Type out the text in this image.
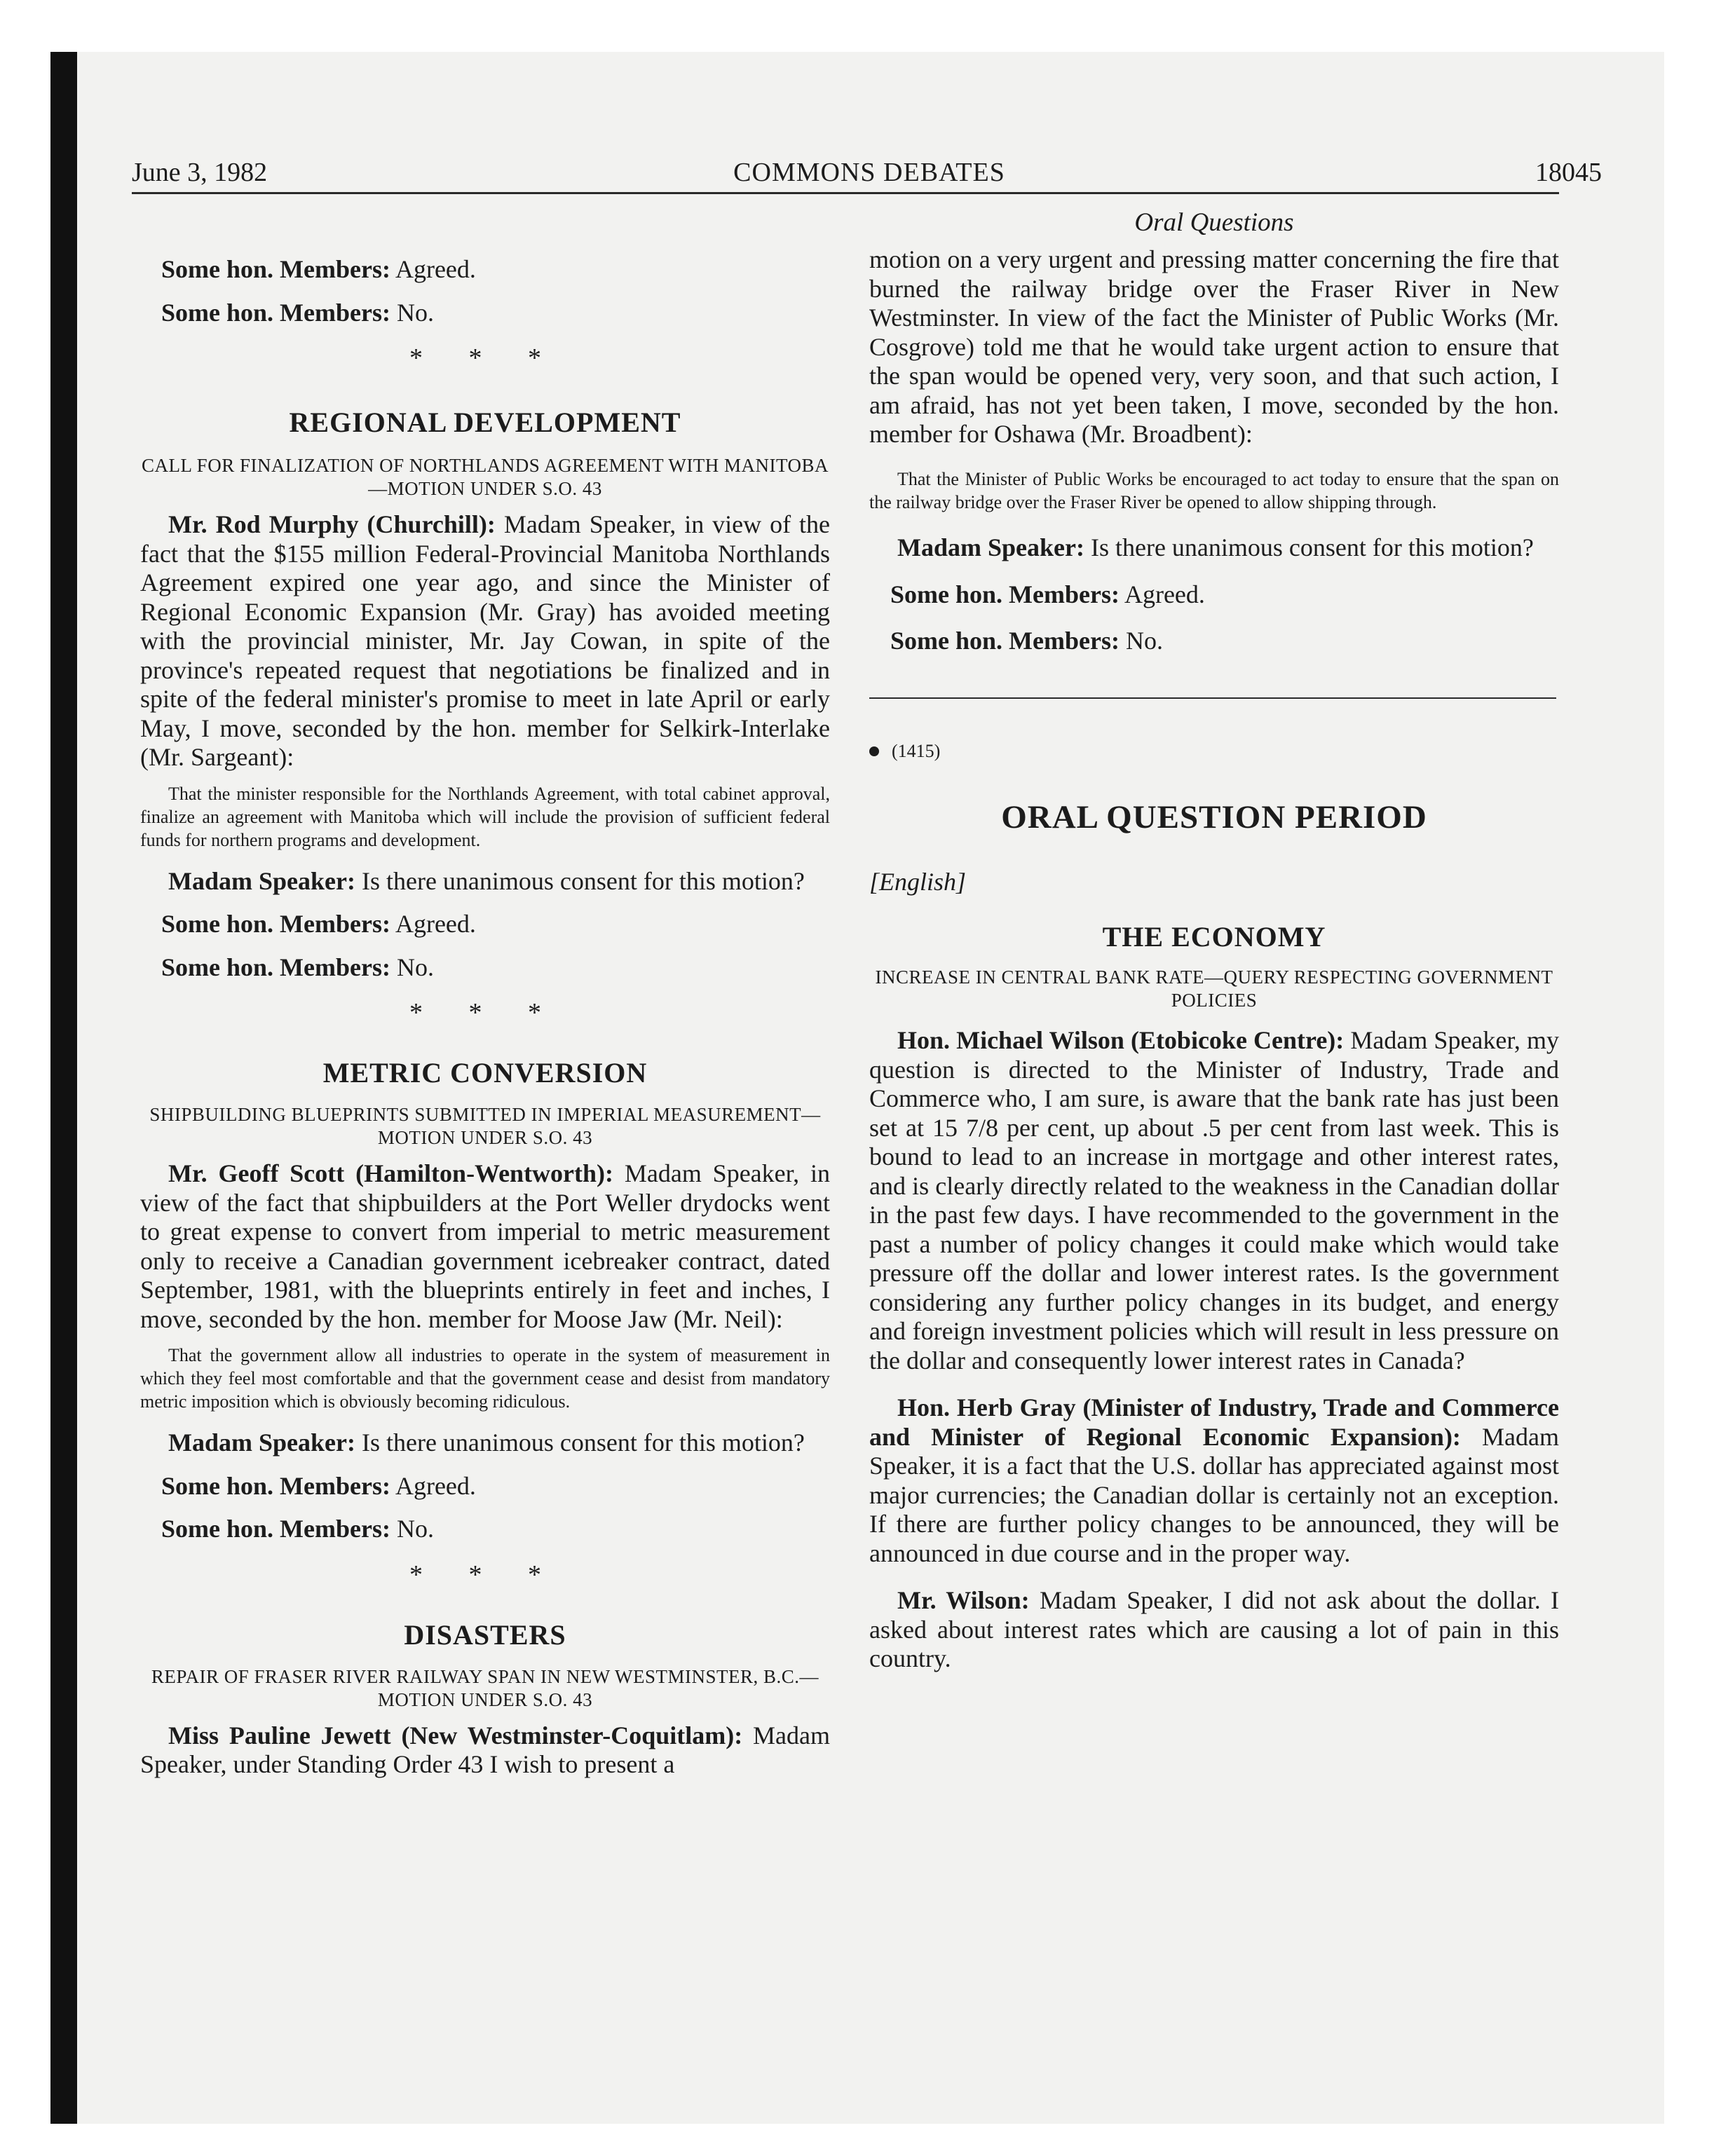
June 3, 1982	COMMONS DEBATES	18045
Oral Questions

Some hon. Members: Agreed.

Some hon. Members: No.

* * *

REGIONAL DEVELOPMENT

CALL FOR FINALIZATION OF NORTHLANDS AGREEMENT WITH MANITOBA—MOTION UNDER S.O. 43

Mr. Rod Murphy (Churchill): Madam Speaker, in view of the fact that the $155 million Federal-Provincial Manitoba Northlands Agreement expired one year ago, and since the Minister of Regional Economic Expansion (Mr. Gray) has avoided meeting with the provincial minister, Mr. Jay Cowan, in spite of the province's repeated request that negotiations be finalized and in spite of the federal minister's promise to meet in late April or early May, I move, seconded by the hon. member for Selkirk-Interlake (Mr. Sargeant):

That the minister responsible for the Northlands Agreement, with total cabinet approval, finalize an agreement with Manitoba which will include the provision of sufficient federal funds for northern programs and development.

Madam Speaker: Is there unanimous consent for this motion?

Some hon. Members: Agreed.

Some hon. Members: No.

* * *

METRIC CONVERSION

SHIPBUILDING BLUEPRINTS SUBMITTED IN IMPERIAL MEASUREMENT—MOTION UNDER S.O. 43

Mr. Geoff Scott (Hamilton-Wentworth): Madam Speaker, in view of the fact that shipbuilders at the Port Weller drydocks went to great expense to convert from imperial to metric measurement only to receive a Canadian government icebreaker contract, dated September, 1981, with the blueprints entirely in feet and inches, I move, seconded by the hon. member for Moose Jaw (Mr. Neil):

That the government allow all industries to operate in the system of measurement in which they feel most comfortable and that the government cease and desist from mandatory metric imposition which is obviously becoming ridiculous.

Madam Speaker: Is there unanimous consent for this motion?

Some hon. Members: Agreed.

Some hon. Members: No.

* * *

DISASTERS

REPAIR OF FRASER RIVER RAILWAY SPAN IN NEW WESTMINSTER, B.C.—MOTION UNDER S.O. 43

Miss Pauline Jewett (New Westminster-Coquitlam): Madam Speaker, under Standing Order 43 I wish to present a

motion on a very urgent and pressing matter concerning the fire that burned the railway bridge over the Fraser River in New Westminster. In view of the fact the Minister of Public Works (Mr. Cosgrove) told me that he would take urgent action to ensure that the span would be opened very, very soon, and that such action, I am afraid, has not yet been taken, I move, seconded by the hon. member for Oshawa (Mr. Broadbent):

That the Minister of Public Works be encouraged to act today to ensure that the span on the railway bridge over the Fraser River be opened to allow shipping through.

Madam Speaker: Is there unanimous consent for this motion?

Some hon. Members: Agreed.

Some hon. Members: No.

(1415)

ORAL QUESTION PERIOD

[English]

THE ECONOMY

INCREASE IN CENTRAL BANK RATE—QUERY RESPECTING GOVERNMENT POLICIES

Hon. Michael Wilson (Etobicoke Centre): Madam Speaker, my question is directed to the Minister of Industry, Trade and Commerce who, I am sure, is aware that the bank rate has just been set at 15 7/8 per cent, up about .5 per cent from last week. This is bound to lead to an increase in mortgage and other interest rates, and is clearly directly related to the weakness in the Canadian dollar in the past few days. I have recommended to the government in the past a number of policy changes it could make which would take pressure off the dollar and lower interest rates. Is the government considering any further policy changes in its budget, and energy and foreign investment policies which will result in less pressure on the dollar and consequently lower interest rates in Canada?

Hon. Herb Gray (Minister of Industry, Trade and Commerce and Minister of Regional Economic Expansion): Madam Speaker, it is a fact that the U.S. dollar has appreciated against most major currencies; the Canadian dollar is certainly not an exception. If there are further policy changes to be announced, they will be announced in due course and in the proper way.

Mr. Wilson: Madam Speaker, I did not ask about the dollar. I asked about interest rates which are causing a lot of pain in this country.
